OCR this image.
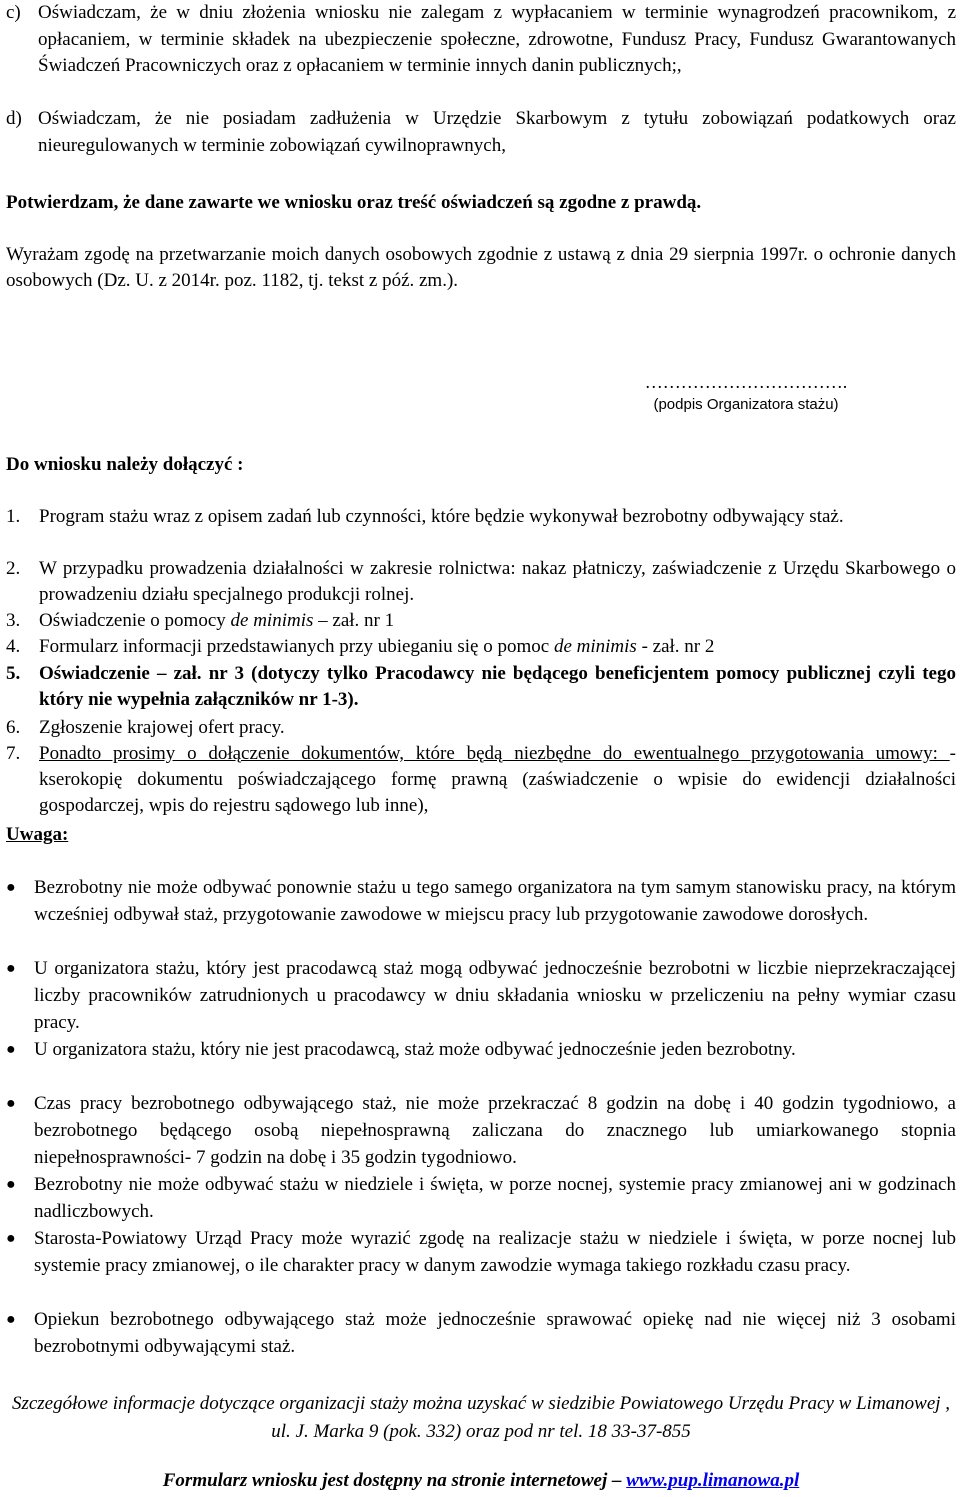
c) Oświadczam, że w dniu złożenia wniosku nie zalegam z wypłacaniem w terminie wynagrodzeń pracownikom, z opłacaniem, w terminie składek na ubezpieczenie społeczne, zdrowotne, Fundusz Pracy, Fundusz Gwarantowanych Świadczeń Pracowniczych oraz z opłacaniem w terminie innych danin publicznych;,
d) Oświadczam, że nie posiadam zadłużenia w Urzędzie Skarbowym z tytułu zobowiązań podatkowych oraz nieuregulowanych w terminie zobowiązań cywilnoprawnych,

Potwierdzam, że dane zawarte we wniosku oraz treść oświadczeń są zgodne z prawdą.

Wyrażam zgodę na przetwarzanie moich danych osobowych zgodnie z ustawą z dnia 29 sierpnia 1997r. o ochronie danych osobowych (Dz. U. z 2014r. poz. 1182, tj. tekst z póź. zm.).

…………………………….
(podpis Organizatora stażu)

Do wniosku należy dołączyć :

1. Program stażu wraz z opisem zadań lub czynności, które będzie wykonywał bezrobotny odbywający staż.
2. W przypadku prowadzenia działalności w zakresie rolnictwa: nakaz płatniczy, zaświadczenie z Urzędu Skarbowego o prowadzeniu działu specjalnego produkcji rolnej.
3. Oświadczenie o pomocy de minimis – zał. nr 1
4. Formularz informacji przedstawianych przy ubieganiu się o pomoc de minimis - zał. nr 2
5. Oświadczenie – zał. nr 3 (dotyczy tylko Pracodawcy nie będącego beneficjentem pomocy publicznej czyli tego który nie wypełnia załączników nr 1-3).
6. Zgłoszenie krajowej ofert pracy.
7. Ponadto prosimy o dołączenie dokumentów, które będą niezbędne do ewentualnego przygotowania umowy: - kserokopię dokumentu poświadczającego formę prawną (zaświadczenie o wpisie do ewidencji działalności gospodarczej, wpis do rejestru sądowego lub inne),

Uwaga:

● Bezrobotny nie może odbywać ponownie stażu u tego samego organizatora na tym samym stanowisku pracy, na którym wcześniej odbywał staż, przygotowanie zawodowe w miejscu pracy lub przygotowanie zawodowe dorosłych.
● U organizatora stażu, który jest pracodawcą staż mogą odbywać jednocześnie bezrobotni w liczbie nieprzekraczającej liczby pracowników zatrudnionych u pracodawcy w dniu składania wniosku w przeliczeniu na pełny wymiar czasu pracy.
● U organizatora stażu, który nie jest pracodawcą, staż może odbywać jednocześnie jeden bezrobotny.
● Czas pracy bezrobotnego odbywającego staż, nie może przekraczać 8 godzin na dobę i 40 godzin tygodniowo, a bezrobotnego będącego osobą niepełnosprawną zaliczana do znacznego lub umiarkowanego stopnia niepełnosprawności- 7 godzin na dobę i 35 godzin tygodniowo.
● Bezrobotny nie może odbywać stażu w niedziele i święta, w porze nocnej, systemie pracy zmianowej ani w godzinach nadliczbowych.
● Starosta-Powiatowy Urząd Pracy może wyrazić zgodę na realizacje stażu w niedziele i święta, w porze nocnej lub systemie pracy zmianowej, o ile charakter pracy w danym zawodzie wymaga takiego rozkładu czasu pracy.
● Opiekun bezrobotnego odbywającego staż może jednocześnie sprawować opiekę nad nie więcej niż 3 osobami bezrobotnymi odbywającymi staż.
Szczegółowe informacje dotyczące organizacji staży można uzyskać w siedzibie Powiatowego Urzędu Pracy w Limanowej , ul. J. Marka 9 (pok. 332) oraz pod nr tel. 18 33-37-855
Formularz wniosku jest dostępny na stronie internetowej – www.pup.limanowa.pl
